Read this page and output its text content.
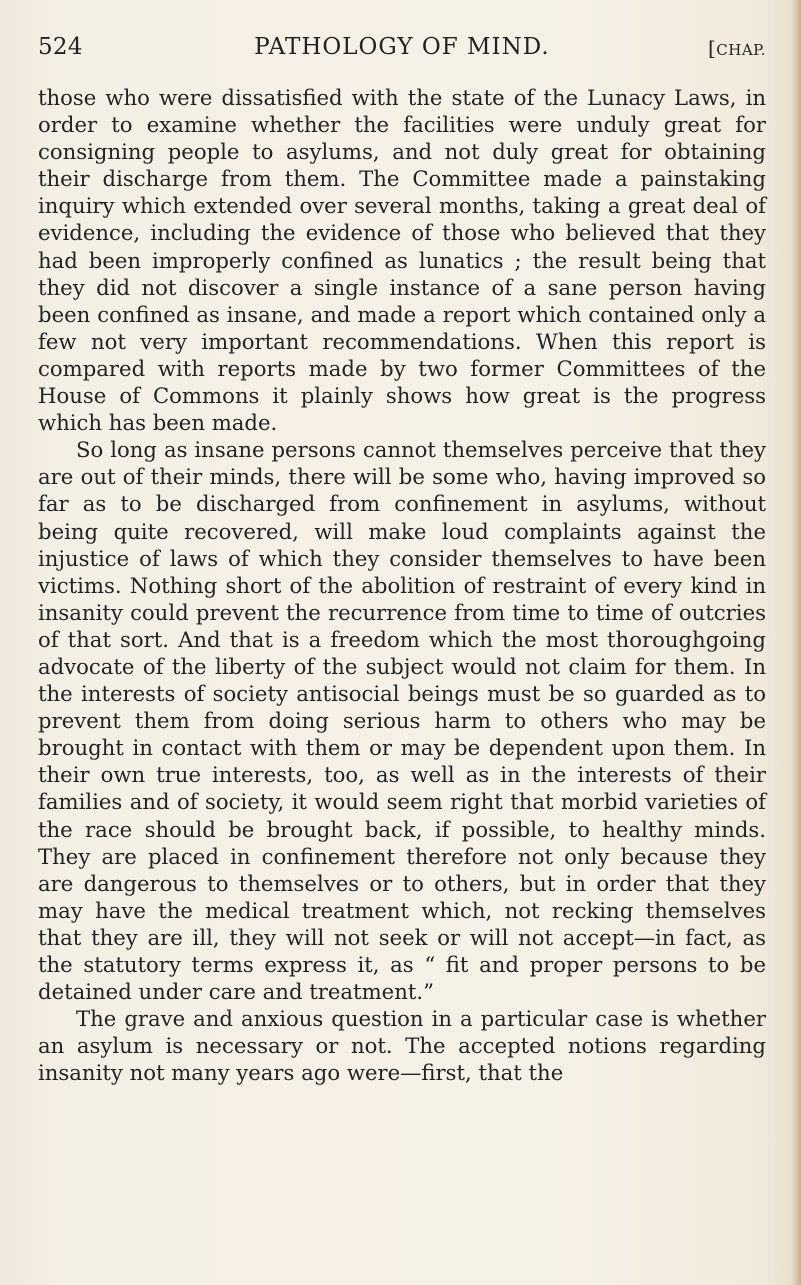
524	PATHOLOGY OF MIND.	[CHAP.

those who were dissatisfied with the state of the Lunacy Laws, in order to examine whether the facilities were unduly great for consigning people to asylums, and not duly great for obtaining their discharge from them. The Committee made a painstaking inquiry which extended over several months, taking a great deal of evidence, including the evidence of those who believed that they had been improperly confined as lunatics ; the result being that they did not discover a single instance of a sane person having been confined as insane, and made a report which contained only a few not very important recommendations. When this report is compared with reports made by two former Committees of the House of Commons it plainly shows how great is the progress which has been made.

So long as insane persons cannot themselves perceive that they are out of their minds, there will be some who, having improved so far as to be discharged from confinement in asylums, without being quite recovered, will make loud complaints against the injustice of laws of which they consider themselves to have been victims. Nothing short of the abolition of restraint of every kind in insanity could prevent the recurrence from time to time of outcries of that sort. And that is a freedom which the most thoroughgoing advocate of the liberty of the subject would not claim for them. In the interests of society antisocial beings must be so guarded as to prevent them from doing serious harm to others who may be brought in contact with them or may be dependent upon them. In their own true interests, too, as well as in the interests of their families and of society, it would seem right that morbid varieties of the race should be brought back, if possible, to healthy minds. They are placed in confinement therefore not only because they are dangerous to themselves or to others, but in order that they may have the medical treatment which, not recking themselves that they are ill, they will not seek or will not accept—in fact, as the statutory terms express it, as “ fit and proper persons to be detained under care and treatment.”

The grave and anxious question in a particular case is whether an asylum is necessary or not. The accepted notions regarding insanity not many years ago were—first, that the
